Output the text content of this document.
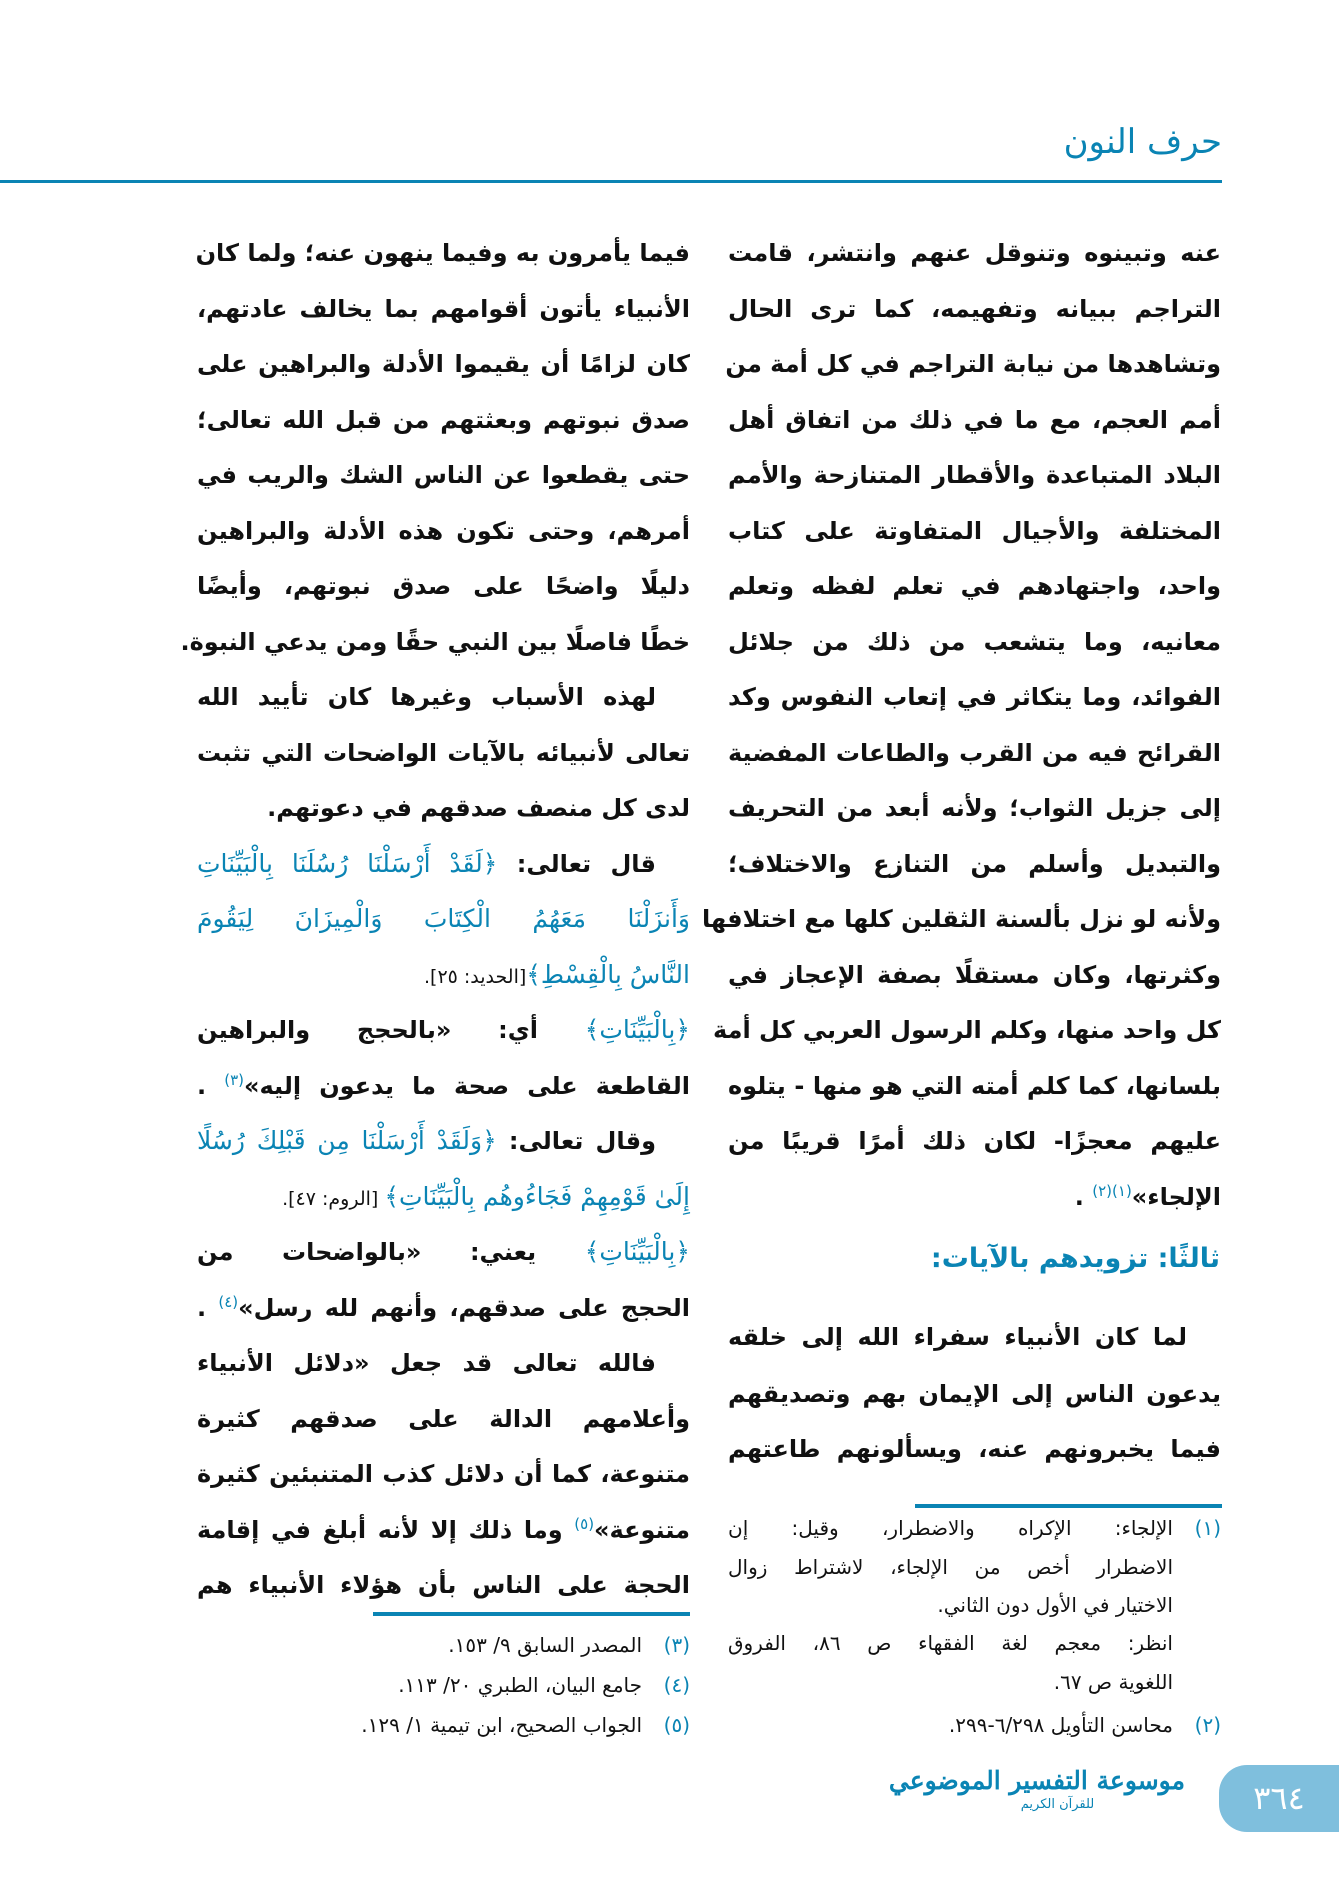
حرف النون
عنه وتبينوه وتنوقل عنهم وانتشر، قامت
التراجم ببيانه وتفهيمه، كما ترى الحال
وتشاهدها من نيابة التراجم في كل أمة من
أمم العجم، مع ما في ذلك من اتفاق أهل
البلاد المتباعدة والأقطار المتنازحة والأمم
المختلفة والأجيال المتفاوتة على كتاب
واحد، واجتهادهم في تعلم لفظه وتعلم
معانيه، وما يتشعب من ذلك من جلائل
الفوائد، وما يتكاثر في إتعاب النفوس وكد
القرائح فيه من القرب والطاعات المفضية
إلى جزيل الثواب؛ ولأنه أبعد من التحريف
والتبديل وأسلم من التنازع والاختلاف؛
ولأنه لو نزل بألسنة الثقلين كلها مع اختلافها
وكثرتها، وكان مستقلًا بصفة الإعجاز في
كل واحد منها، وكلم الرسول العربي كل أمة
بلسانها، كما كلم أمته التي هو منها - يتلوه
عليهم معجزًا- لكان ذلك أمرًا قريبًا من
الإلجاء»$^{(١)(٢)}$ .
لما كان الأنبياء سفراء الله إلى خلقه
يدعون الناس إلى الإيمان بهم وتصديقهم
فيما يخبرونهم عنه، ويسألونهم طاعتهم
ثالثًا: تزويدهم بالآيات:
(١)
الإلجاء: الإكراه والاضطرار، وقيل: إن
الاضطرار أخص من الإلجاء، لاشتراط زوال
الاختيار في الأول دون الثاني.
انظر: معجم لغة الفقهاء ص ٨٦، الفروق
اللغوية ص ٦٧.
(٢)
محاسن التأويل ٦/٢٩٨-٢٩٩.
فيما يأمرون به وفيما ينهون عنه؛ ولما كان
الأنبياء يأتون أقوامهم بما يخالف عادتهم،
كان لزامًا أن يقيموا الأدلة والبراهين على
صدق نبوتهم وبعثتهم من قبل الله تعالى؛
حتى يقطعوا عن الناس الشك والريب في
أمرهم، وحتى تكون هذه الأدلة والبراهين
دليلًا واضحًا على صدق نبوتهم، وأيضًا
خطًا فاصلًا بين النبي حقًا ومن يدعي النبوة.
لهذه الأسباب وغيرها كان تأييد الله
تعالى لأنبيائه بالآيات الواضحات التي تثبت
لدى كل منصف صدقهم في دعوتهم.
قال تعالى: ﴿لَقَدْ أَرْسَلْنَا رُسُلَنَا بِالْبَيِّنَاتِ
وَأَنزَلْنَا مَعَهُمُ الْكِتَابَ وَالْمِيزَانَ لِيَقُومَ
النَّاسُ بِالْقِسْطِ﴾[الحديد: ٢٥].
﴿بِالْبَيِّنَاتِ﴾ أي: «بالحجج والبراهين
القاطعة على صحة ما يدعون إليه»$^{(٣)}$ .
وقال تعالى: ﴿وَلَقَدْ أَرْسَلْنَا مِن قَبْلِكَ رُسُلًا
إِلَىٰ قَوْمِهِمْ فَجَاءُوهُم بِالْبَيِّنَاتِ﴾ [الروم: ٤٧].
﴿بِالْبَيِّنَاتِ﴾ يعني: «بالواضحات من
الحجج على صدقهم، وأنهم لله رسل»$^{(٤)}$ .
فالله تعالى قد جعل «دلائل الأنبياء
وأعلامهم الدالة على صدقهم كثيرة
متنوعة، كما أن دلائل كذب المتنبئين كثيرة
متنوعة»$^{(٥)}$ وما ذلك إلا لأنه أبلغ في إقامة
الحجة على الناس بأن هؤلاء الأنبياء هم
(٣)
المصدر السابق ٩/ ١٥٣.
(٤)
جامع البيان، الطبري ٢٠/ ١١٣.
(٥)
الجواب الصحيح، ابن تيمية ١/ ١٢٩.
موسوعة التفسير الموضوعي
للقرآن الكريم	٣٦٤
